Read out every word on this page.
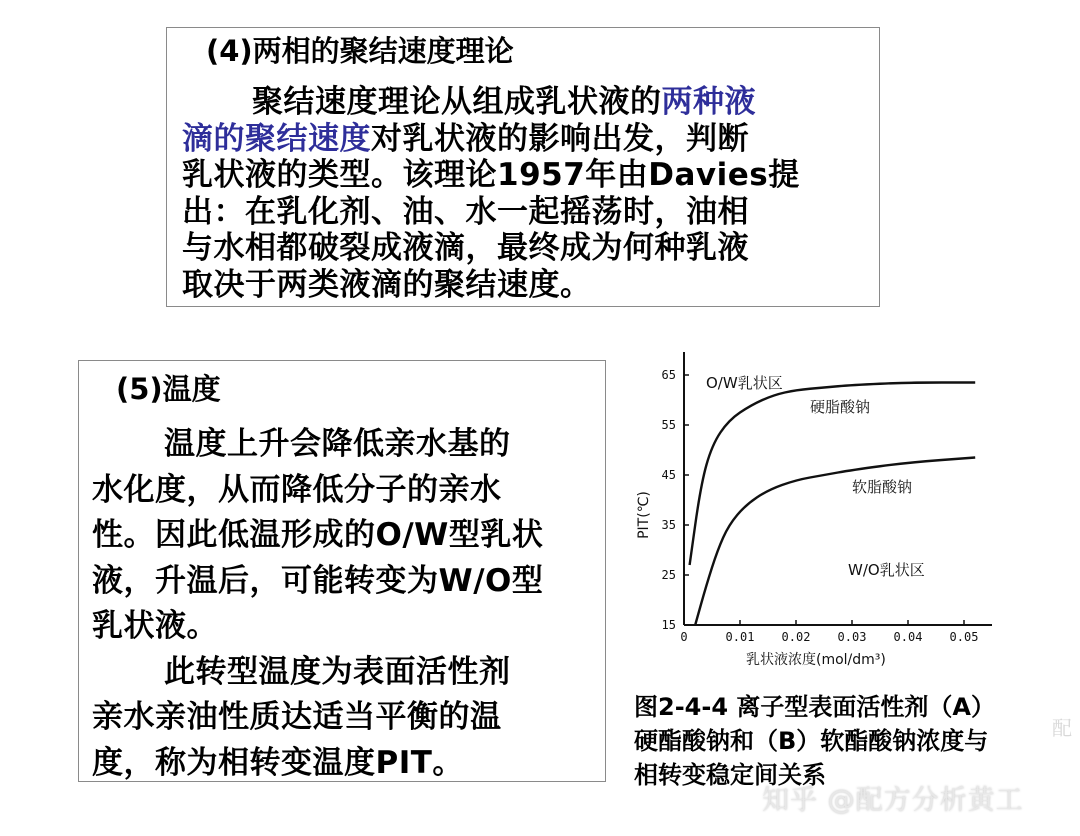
(4)两相的聚结速度理论
聚结速度理论从组成乳状液的两种液
滴的聚结速度对乳状液的影响出发，判断
乳状液的类型。该理论1957年由Davies提
出：在乳化剂、油、水一起摇荡时，油相
与水相都破裂成液滴，最终成为何种乳液
取决于两类液滴的聚结速度。
(5)温度
温度上升会降低亲水基的
水化度，从而降低分子的亲水
性。因此低温形成的O/W型乳状
液，升温后，可能转变为W/O型
乳状液。
此转型温度为表面活性剂
亲水亲油性质达适当平衡的温
度，称为相转变温度PIT。
0	0.01 0.02 0.03 0.04 0.05
15
25
35
45
55
65 O/W乳状区
W/O乳状区
硬脂酸钠
软脂酸钠
乳状液浓度(mol/dm³)
PIT(℃)
图2-4-4 离子型表面活性剂（A）
硬酯酸钠和（B）软酯酸钠浓度与
相转变稳定间关系
知乎 @配方分析黄工
配
